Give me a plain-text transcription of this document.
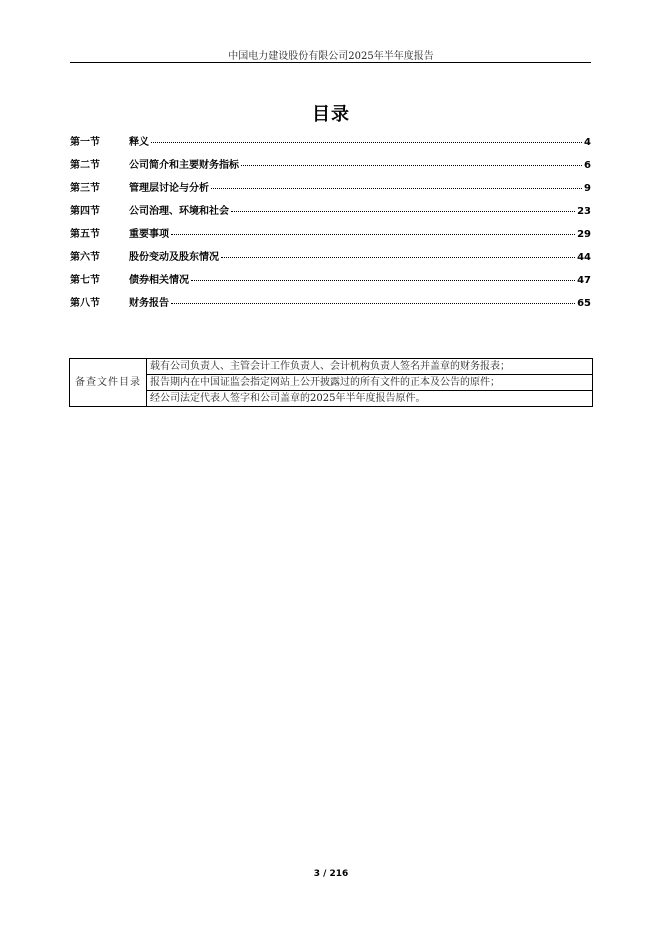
中国电力建设股份有限公司2025年半年度报告
目录
第一节	释义	4
第二节	公司简介和主要财务指标	6
第三节	管理层讨论与分析	9
第四节	公司治理、环境和社会	23
第五节	重要事项	29
第六节	股份变动及股东情况	44
第七节	债券相关情况	47
第八节	财务报告	65
备查文件目录	载有公司负责人、主管会计工作负责人、会计机构负责人签名并盖章的财务报表；
报告期内在中国证监会指定网站上公开披露过的所有文件的正本及公告的原件；
经公司法定代表人签字和公司盖章的2025年半年度报告原件。
3 / 216
